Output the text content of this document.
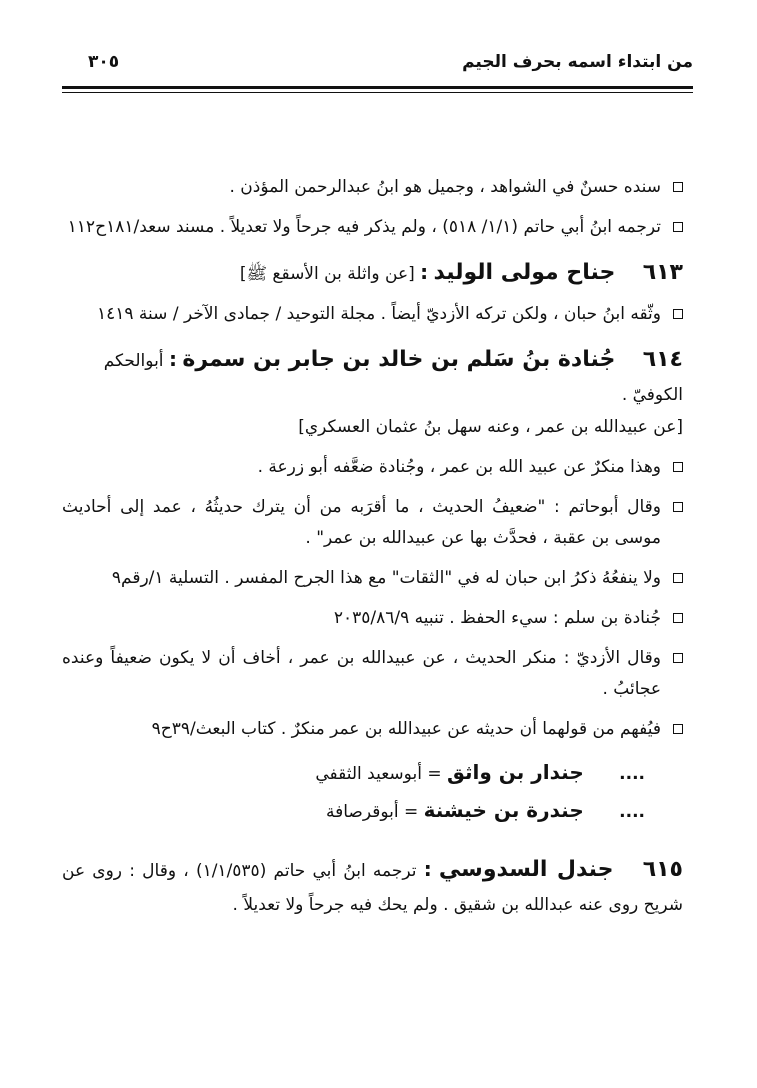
من ابتداء اسمه بحرف الجيم
٣٠٥
سنده حسنٌ في الشواهد ، وجميل هو ابنُ عبدالرحمن المؤذن .
ترجمه ابنُ أبي حاتم (١/١/ ٥١٨) ، ولم يذكر فيه جرحاً ولا تعديلاً . مسند سعد/١٨١ح١١٢
٦١٣ جناح مولى الوليد : [عن واثلة بن الأسقع ﷺ]
وثّقه ابنُ حبان ، ولكن تركه الأزديّ أيضاً . مجلة التوحيد / جمادى الآخر / سنة ١٤١٩
٦١٤ جُنادة بنُ سَلم بن خالد بن جابر بن سمرة : أبوالحكم الكوفيّ .
[عن عبيدالله بن عمر ، وعنه سهل بنُ عثمان العسكري]
وهذا منكرٌ عن عبيد الله بن عمر ، وجُنادة ضعَّفه أبو زرعة .
وقال أبوحاتم : "ضعيفُ الحديث ، ما أقرَبه من أن يترك حديثُهُ ، عمد إلى أحاديث موسى بن عقبة ، فحدَّث بها عن عبيدالله بن عمر" .
ولا ينفعُهُ ذكرُ ابن حبان له في "الثقات" مع هذا الجرح المفسر . التسلية ١/رقم٩
جُنادة بن سلم : سيء الحفظ . تنبيه ٢٠٣٥/٨٦/٩
وقال الأزديّ : منكر الحديث ، عن عبيدالله بن عمر ، أخاف أن لا يكون ضعيفاً وعنده عجائبُ .
فيُفهم من قولهما أن حديثه عن عبيدالله بن عمر منكرٌ . كتاب البعث/٣٩ح٩
.... جندار بن واثق = أبوسعيد الثقفي
.... جندرة بن خيشنة = أبوقرصافة
٦١٥ جندل السدوسي : ترجمه ابنُ أبي حاتم (١/١/٥٣٥) ، وقال : روى عن شريح روى عنه عبدالله بن شقيق . ولم يحك فيه جرحاً ولا تعديلاً .
